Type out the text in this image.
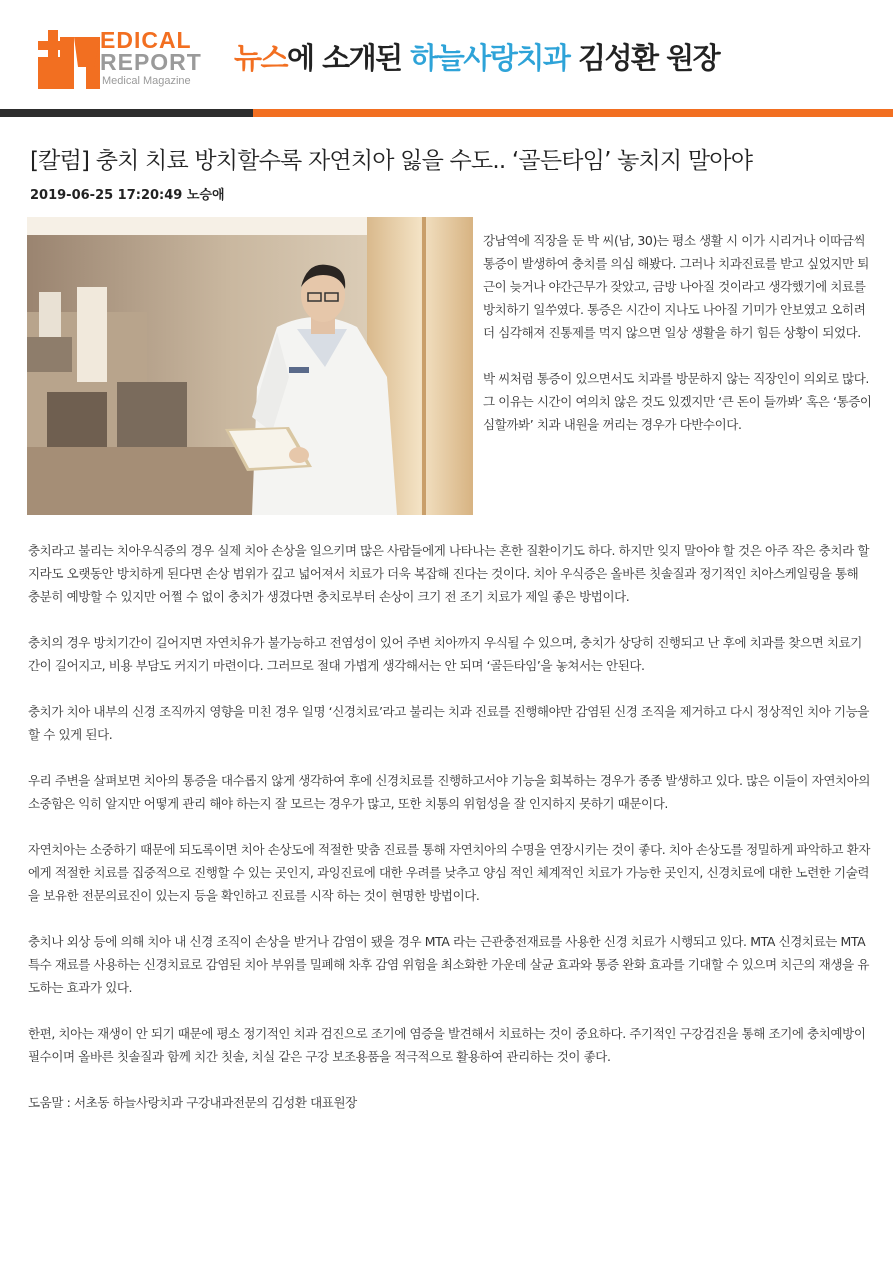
EDICAL
REPORT
Medical Magazine
뉴스에 소개된 하늘사랑치과 김성환 원장
[칼럼] 충치 치료 방치할수록 자연치아 잃을 수도.. ‘골든타임’ 놓치지 말아야
2019-06-25 17:20:49 노승애

강남역에 직장을 둔 박 씨(남, 30)는 평소 생활 시 이가 시리거나 이따금씩 통증이 발생하여 충치를 의심 해봤다. 그러나 치과진료를 받고 싶었지만 퇴근이 늦거나 야간근무가 잦았고, 금방 나아질 것이라고 생각했기에 치료를 방치하기 일쑤였다. 통증은 시간이 지나도 나아질 기미가 안보였고 오히려 더 심각해져 진통제를 먹지 않으면 일상 생활을 하기 힘든 상황이 되었다.

박 씨처럼 통증이 있으면서도 치과를 방문하지 않는 직장인이 의외로 많다. 그 이유는 시간이 여의치 않은 것도 있겠지만 ‘큰 돈이 들까봐’ 혹은 ‘통증이 심할까봐’ 치과 내원을 꺼리는 경우가 다반수이다.

충치라고 불리는 치아우식증의 경우 실제 치아 손상을 일으키며 많은 사람들에게 나타나는 흔한 질환이기도 하다. 하지만 잊지 말아야 할 것은 아주 작은 충치라 할지라도 오랫동안 방치하게 된다면 손상 범위가 깊고 넓어져서 치료가 더욱 복잡해 진다는 것이다. 치아 우식증은 올바른 칫솔질과 정기적인 치아스케일링을 통해 충분히 예방할 수 있지만 어쩔 수 없이 충치가 생겼다면 충치로부터 손상이 크기 전 조기 치료가 제일 좋은 방법이다.

충치의 경우 방치기간이 길어지면 자연치유가 불가능하고 전염성이 있어 주변 치아까지 우식될 수 있으며, 충치가 상당히 진행되고 난 후에 치과를 찾으면 치료기간이 길어지고, 비용 부담도 커지기 마련이다. 그러므로 절대 가볍게 생각해서는 안 되며 ‘골든타임’을 놓쳐서는 안된다.

충치가 치아 내부의 신경 조직까지 영향을 미친 경우 일명 ‘신경치료’라고 불리는 치과 진료를 진행해야만 감염된 신경 조직을 제거하고 다시 정상적인 치아 기능을 할 수 있게 된다.

우리 주변을 살펴보면 치아의 통증을 대수롭지 않게 생각하여 후에 신경치료를 진행하고서야 기능을 회복하는 경우가 종종 발생하고 있다. 많은 이들이 자연치아의 소중함은 익히 알지만 어떻게 관리 해야 하는지 잘 모르는 경우가 많고, 또한 치통의 위험성을 잘 인지하지 못하기 때문이다.

자연치아는 소중하기 때문에 되도록이면 치아 손상도에 적절한 맞춤 진료를 통해 자연치아의 수명을 연장시키는 것이 좋다. 치아 손상도를 정밀하게 파악하고 환자에게 적절한 치료를 집중적으로 진행할 수 있는 곳인지, 과잉진료에 대한 우려를 낮추고 양심 적인 체계적인 치료가 가능한 곳인지, 신경치료에 대한 노련한 기술력을 보유한 전문의료진이 있는지 등을 확인하고 진료를 시작 하는 것이 현명한 방법이다.

충치나 외상 등에 의해 치아 내 신경 조직이 손상을 받거나 감염이 됐을 경우 MTA 라는 근관충전재료를 사용한 신경 치료가 시행되고 있다. MTA 신경치료는 MTA 특수 재료를 사용하는 신경치료로 감염된 치아 부위를 밀폐해 차후 감염 위험을 최소화한 가운데 살균 효과와 통증 완화 효과를 기대할 수 있으며 치근의 재생을 유도하는 효과가 있다.

한편, 치아는 재생이 안 되기 때문에 평소 정기적인 치과 검진으로 조기에 염증을 발견해서 치료하는 것이 중요하다. 주기적인 구강검진을 통해 조기에 충치예방이 필수이며 올바른 칫솔질과 함께 치간 칫솔, 치실 같은 구강 보조용품을 적극적으로 활용하여 관리하는 것이 좋다.

도움말 : 서초동 하늘사랑치과 구강내과전문의 김성환 대표원장
